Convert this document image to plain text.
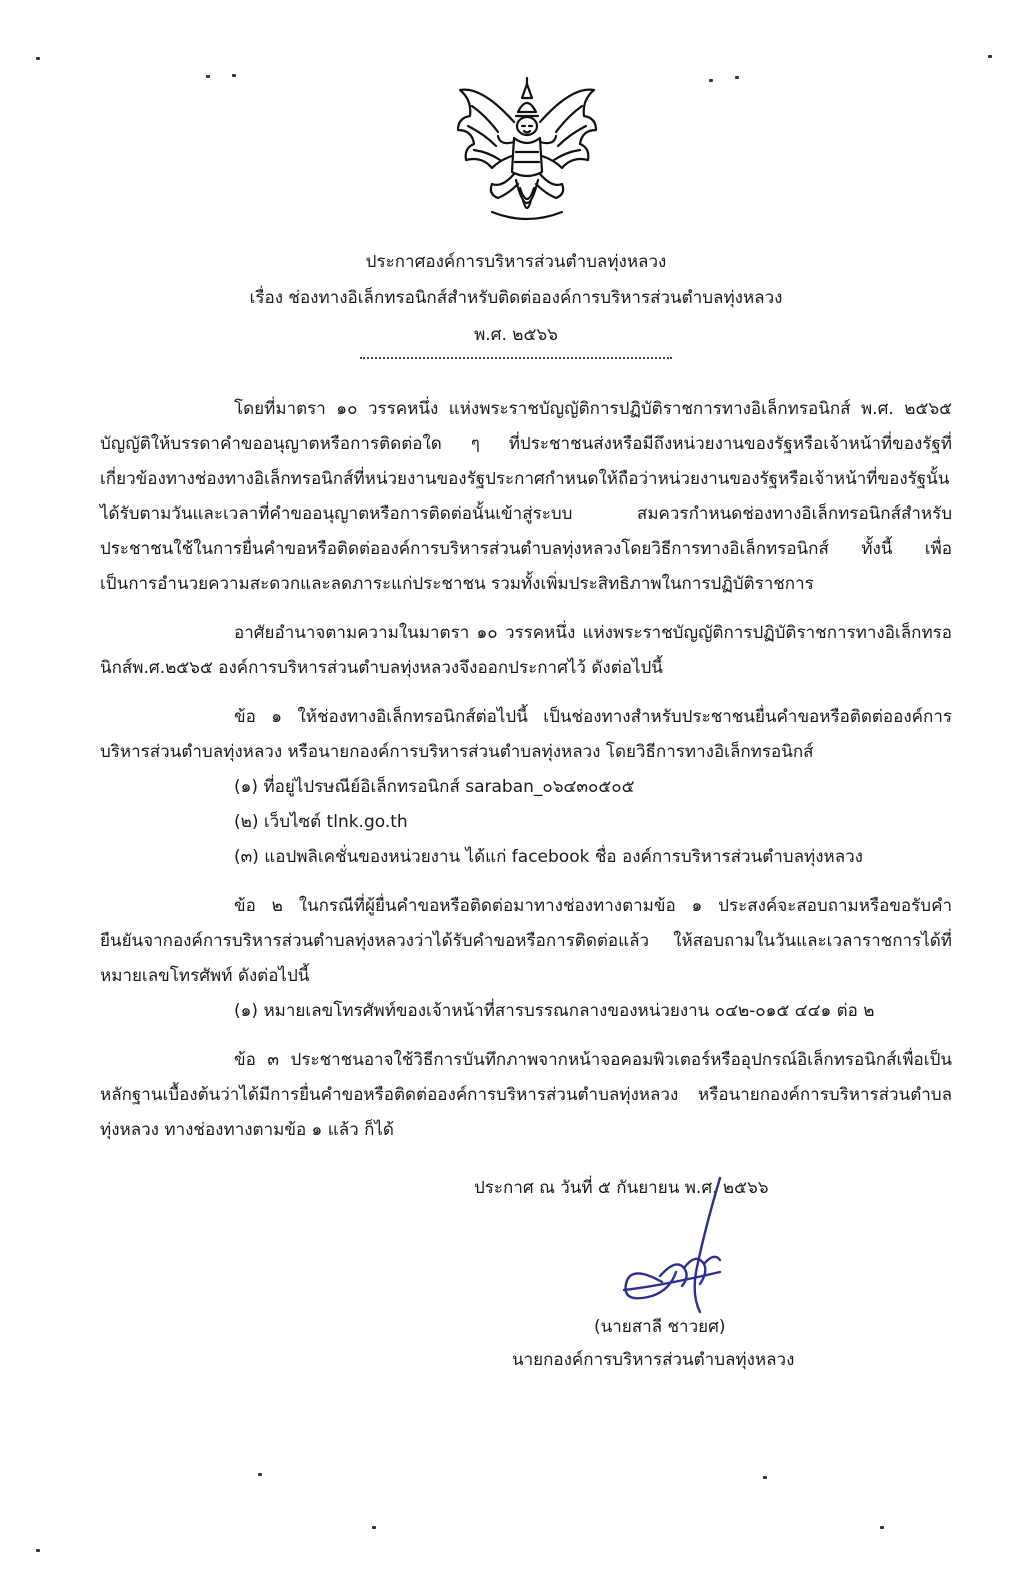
ประกาศองค์การบริหารส่วนตำบลทุ่งหลวง
เรื่อง ช่องทางอิเล็กทรอนิกส์สำหรับติดต่อองค์การบริหารส่วนตำบลทุ่งหลวง
พ.ศ. ๒๕๖๖

โดยที่มาตรา ๑๐ วรรคหนึ่ง แห่งพระราชบัญญัติการปฏิบัติราชการทางอิเล็กทรอนิกส์ พ.ศ. ๒๕๖๕ บัญญัติให้บรรดาคำขออนุญาตหรือการติดต่อใด ๆ ที่ประชาชนส่งหรือมีถึงหน่วยงานของรัฐหรือเจ้าหน้าที่ของรัฐที่เกี่ยวข้องทางช่องทางอิเล็กทรอนิกส์ที่หน่วยงานของรัฐประกาศกำหนดให้ถือว่าหน่วยงานของรัฐหรือเจ้าหน้าที่ของรัฐนั้นได้รับตามวันและเวลาที่คำขออนุญาตหรือการติดต่อนั้นเข้าสู่ระบบ สมควรกำหนดช่องทางอิเล็กทรอนิกส์สำหรับประชาชนใช้ในการยื่นคำขอหรือติดต่อองค์การบริหารส่วนตำบลทุ่งหลวงโดยวิธีการทางอิเล็กทรอนิกส์ ทั้งนี้ เพื่อเป็นการอำนวยความสะดวกและลดภาระแก่ประชาชน รวมทั้งเพิ่มประสิทธิภาพในการปฏิบัติราชการ

อาศัยอำนาจตามความในมาตรา ๑๐ วรรคหนึ่ง แห่งพระราชบัญญัติการปฏิบัติราชการทางอิเล็กทรอนิกส์พ.ศ.๒๕๖๕ องค์การบริหารส่วนตำบลทุ่งหลวงจึงออกประกาศไว้ ดังต่อไปนี้

ข้อ ๑ ให้ช่องทางอิเล็กทรอนิกส์ต่อไปนี้ เป็นช่องทางสำหรับประชาชนยื่นคำขอหรือติดต่อองค์การบริหารส่วนตำบลทุ่งหลวง หรือนายกองค์การบริหารส่วนตำบลทุ่งหลวง โดยวิธีการทางอิเล็กทรอนิกส์

(๑) ที่อยู่ไปรษณีย์อิเล็กทรอนิกส์ saraban_๐๖๔๓๐๕๐๕

(๒) เว็บไซต์ tlnk.go.th

(๓) แอปพลิเคชั่นของหน่วยงาน ได้แก่ facebook ชื่อ องค์การบริหารส่วนตำบลทุ่งหลวง

ข้อ ๒ ในกรณีที่ผู้ยื่นคำขอหรือติดต่อมาทางช่องทางตามข้อ ๑ ประสงค์จะสอบถามหรือขอรับคำยืนยันจากองค์การบริหารส่วนตำบลทุ่งหลวงว่าได้รับคำขอหรือการติดต่อแล้ว ให้สอบถามในวันและเวลาราชการได้ที่หมายเลขโทรศัพท์ ดังต่อไปนี้

(๑) หมายเลขโทรศัพท์ของเจ้าหน้าที่สารบรรณกลางของหน่วยงาน ๐๔๒-๐๑๕ ๔๔๑ ต่อ ๒

ข้อ ๓ ประชาชนอาจใช้วิธีการบันทึกภาพจากหน้าจอคอมพิวเตอร์หรืออุปกรณ์อิเล็กทรอนิกส์เพื่อเป็นหลักฐานเบื้องต้นว่าได้มีการยื่นคำขอหรือติดต่อองค์การบริหารส่วนตำบลทุ่งหลวง หรือนายกองค์การบริหารส่วนตำบลทุ่งหลวง ทางช่องทางตามข้อ ๑ แล้ว ก็ได้

ประกาศ ณ วันที่ ๕ กันยายน พ.ศ. ๒๕๖๖
(นายสาลี ชาวยศ)
นายกองค์การบริหารส่วนตำบลทุ่งหลวง
